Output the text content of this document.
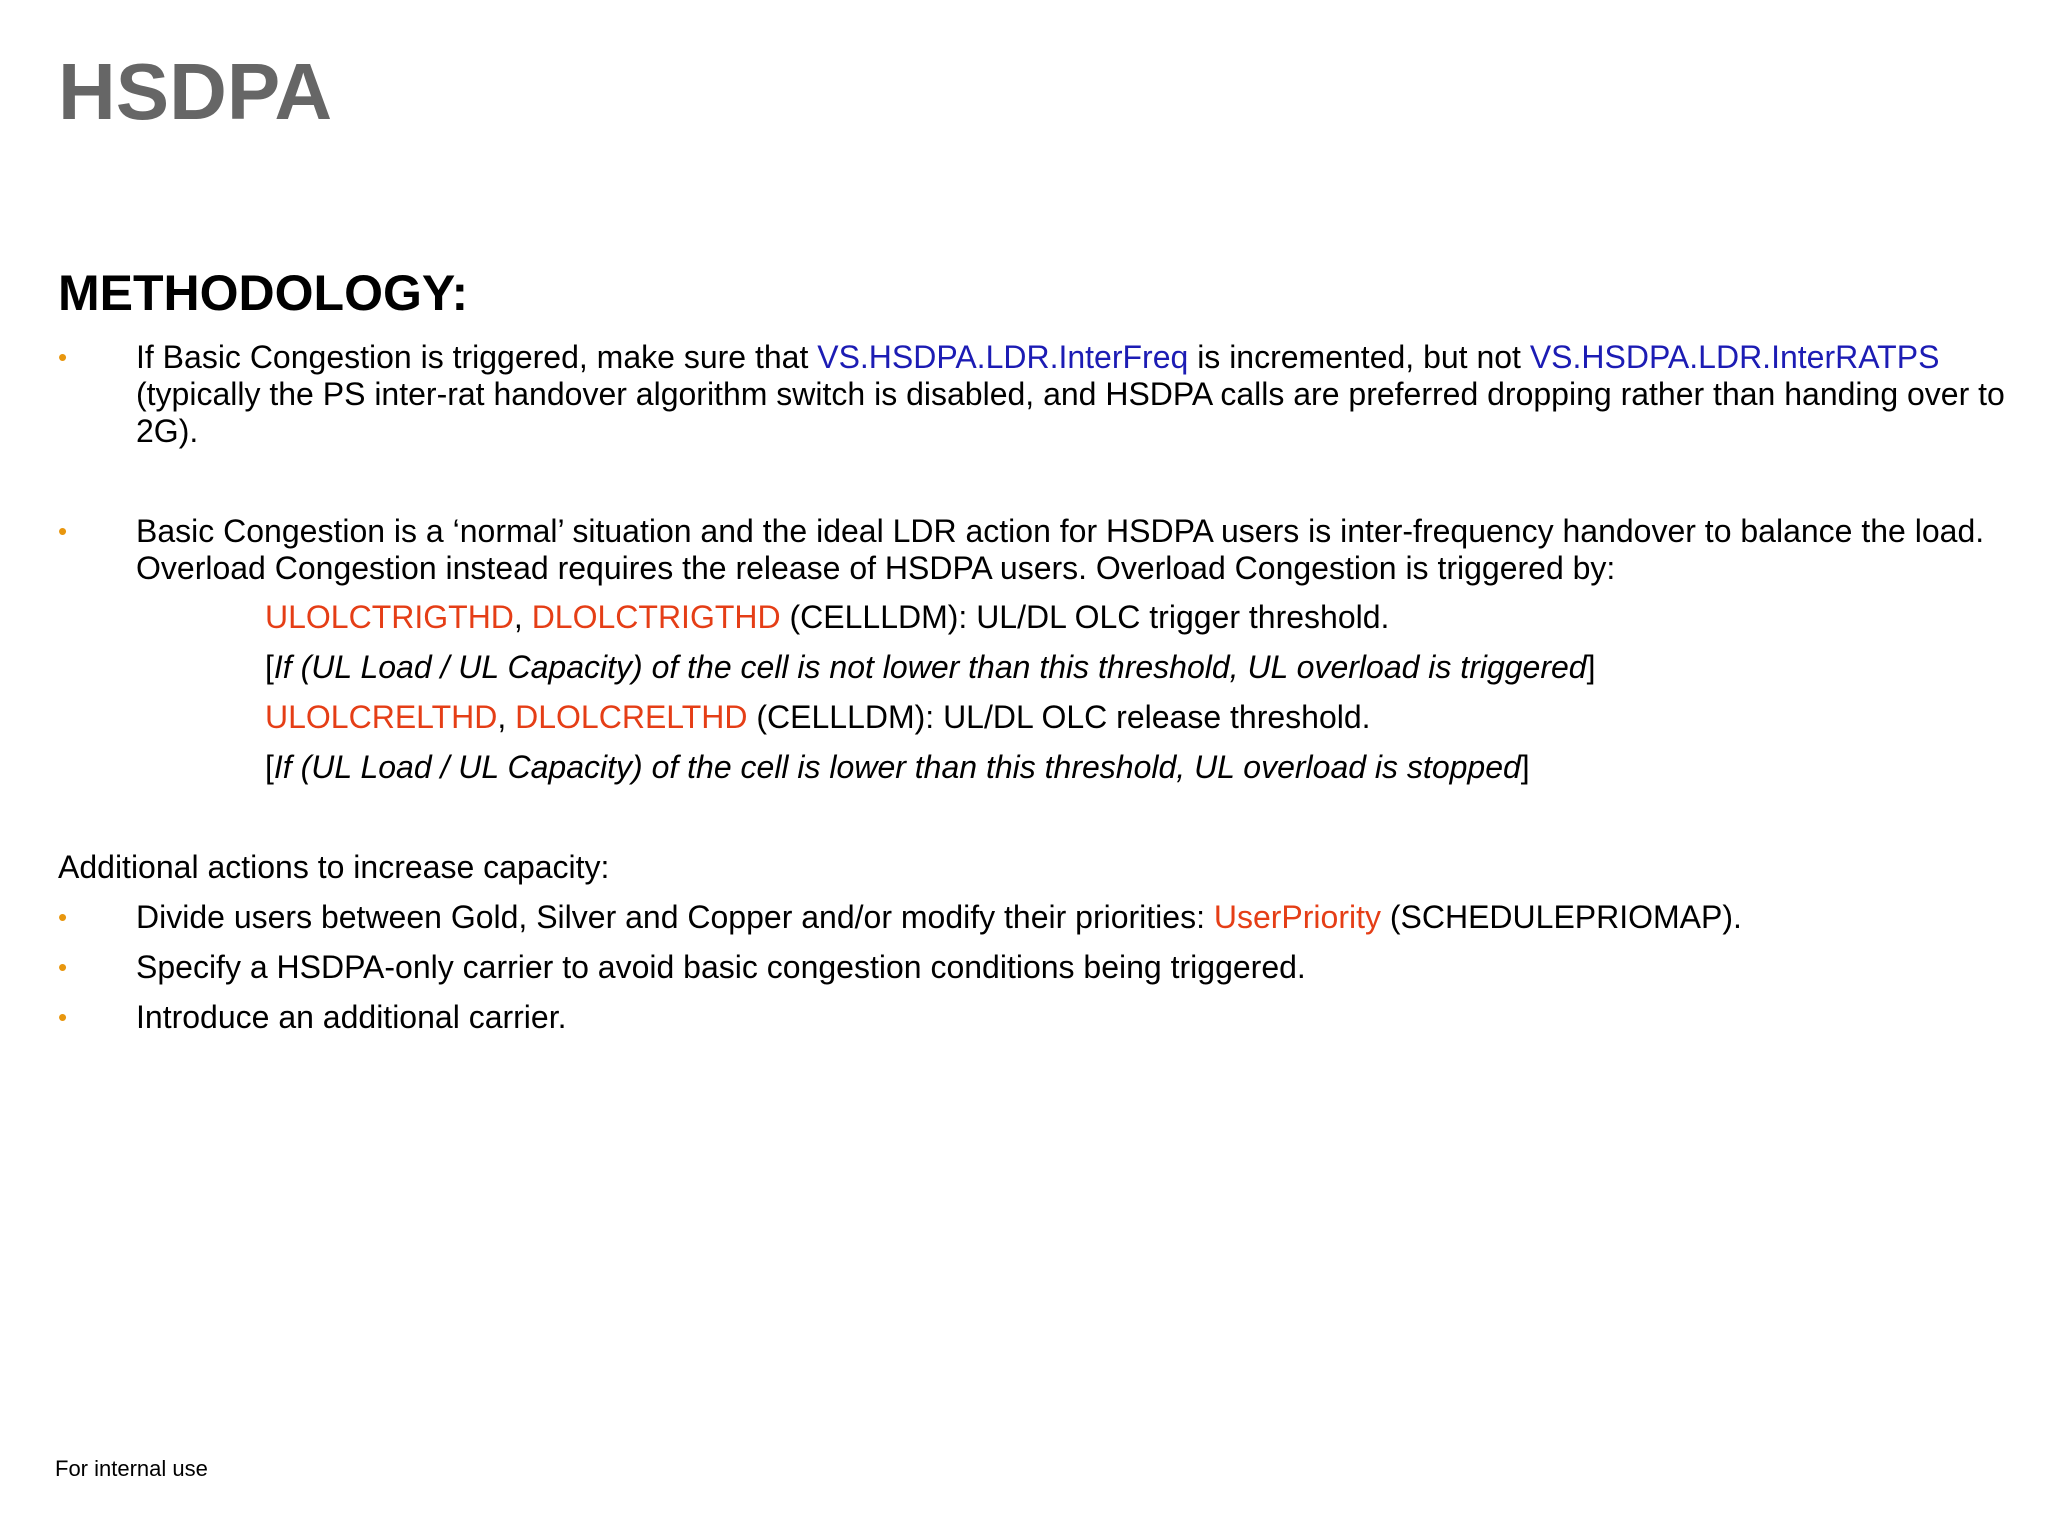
HSDPA
METHODOLOGY:
• If Basic Congestion is triggered, make sure that VS.HSDPA.LDR.InterFreq is incremented, but not VS.HSDPA.LDR.InterRATPS (typically the PS inter-rat handover algorithm switch is disabled, and HSDPA calls are preferred dropping rather than handing over to 2G).

• Basic Congestion is a ‘normal’ situation and the ideal LDR action for HSDPA users is inter-frequency handover to balance the load. Overload Congestion instead requires the release of HSDPA users. Overload Congestion is triggered by:

ULOLCTRIGTHD, DLOLCTRIGTHD (CELLLDM): UL/DL OLC trigger threshold.

[If (UL Load / UL Capacity) of the cell is not lower than this threshold, UL overload is triggered]

ULOLCRELTHD, DLOLCRELTHD (CELLLDM): UL/DL OLC release threshold.

[If (UL Load / UL Capacity) of the cell is lower than this threshold, UL overload is stopped]

Additional actions to increase capacity:

• Divide users between Gold, Silver and Copper and/or modify their priorities: UserPriority (SCHEDULEPRIOMAP).

• Specify a HSDPA-only carrier to avoid basic congestion conditions being triggered.

• Introduce an additional carrier.

For internal use
